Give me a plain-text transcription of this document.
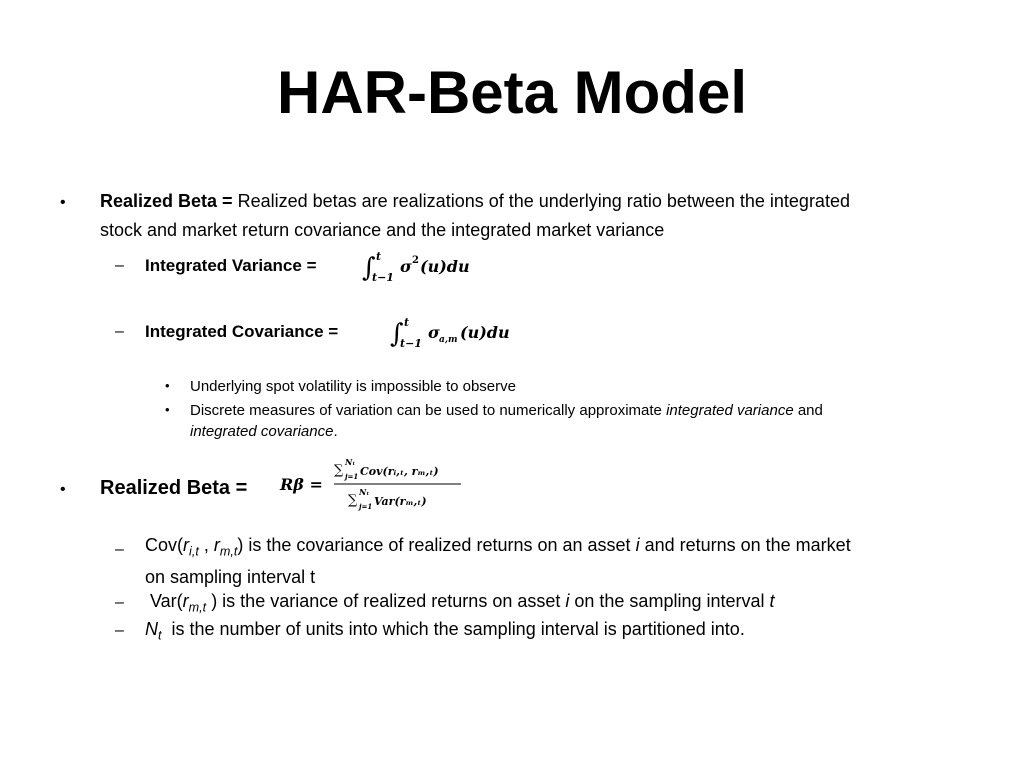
HAR-Beta Model
• Realized Beta = Realized betas are realizations of the underlying ratio between the integrated
stock and market return covariance and the integrated market variance
– Integrated Variance = ∫ t
t−1
σ 2 (u)du
– Integrated Covariance = ∫ t
t−1
σ a,m (u)du
• Underlying spot volatility is impossible to observe
• Discrete measures of variation can be used to numerically approximate integrated variance and
integrated covariance.
• Realized Beta = Rβ =
∑
Nₜ
j=1 Cov(rᵢ,ₜ, rₘ,ₜ)
∑
Nₜ
j=1 Var(rₘ,ₜ)
– $Cov(r_{i,t}$ , $r_{m,t}$) is the covariance of realized returns on an asset i and returns on the market
on sampling interval t
– $Var(r_{m,t}$ ) is the variance of realized returns on asset i on the sampling interval t
– $N_t$ is the number of units into which the sampling interval is partitioned into.
